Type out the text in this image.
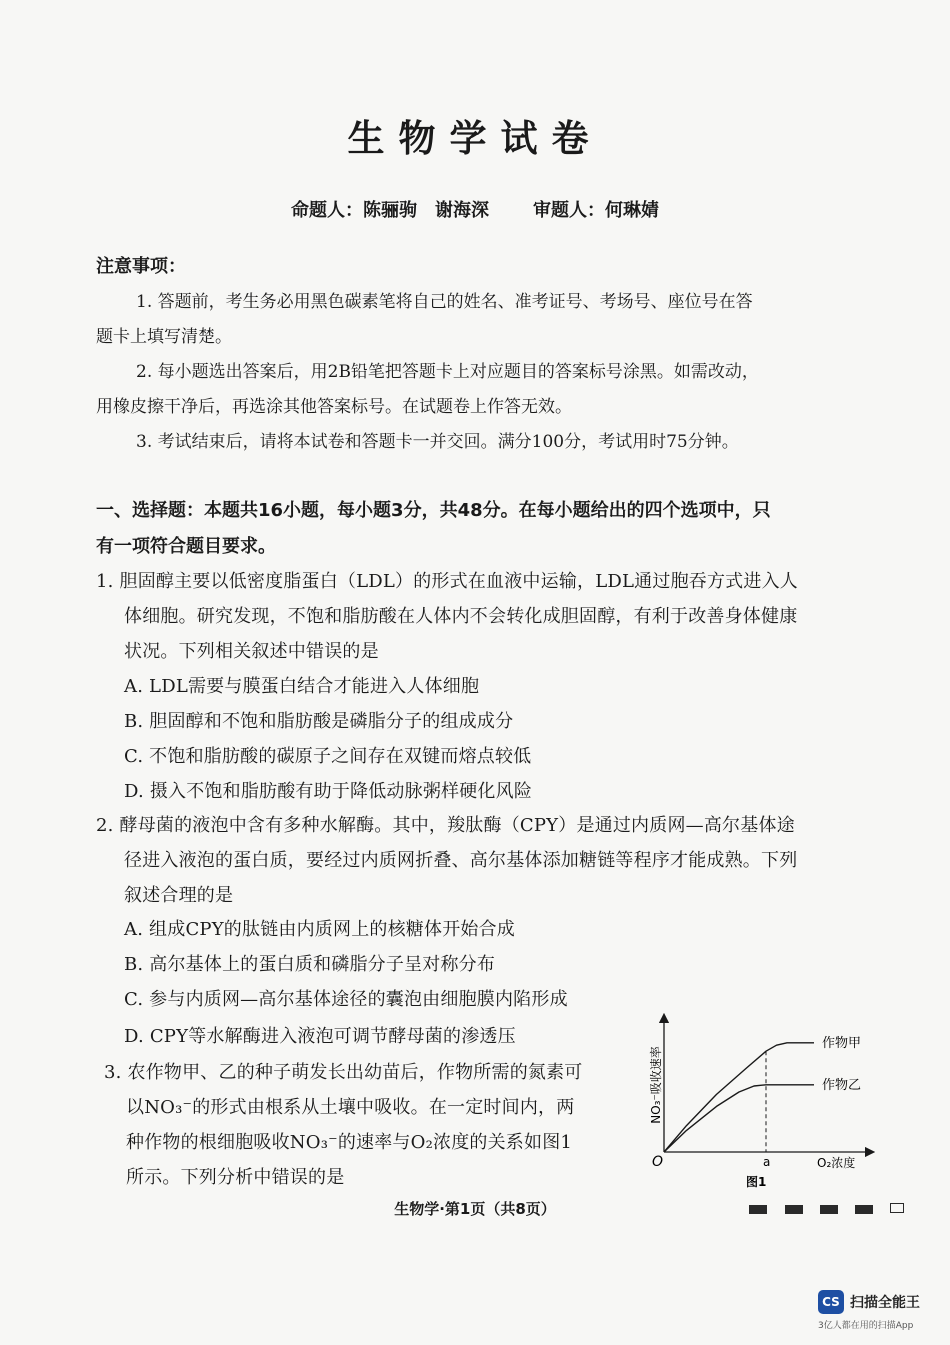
生物学试卷
命题人：陈骊驹　谢海深 审题人：何琳婧
注意事项：
1. 答题前，考生务必用黑色碳素笔将自己的姓名、准考证号、考场号、座位号在答
题卡上填写清楚。
2. 每小题选出答案后，用2B铅笔把答题卡上对应题目的答案标号涂黑。如需改动，
用橡皮擦干净后，再选涂其他答案标号。在试题卷上作答无效。
3. 考试结束后，请将本试卷和答题卡一并交回。满分100分，考试用时75分钟。
一、选择题：本题共16小题，每小题3分，共48分。在每小题给出的四个选项中，只
有一项符合题目要求。
1. 胆固醇主要以低密度脂蛋白（LDL）的形式在血液中运输，LDL通过胞吞方式进入人
体细胞。研究发现，不饱和脂肪酸在人体内不会转化成胆固醇，有利于改善身体健康
状况。下列相关叙述中错误的是
A. LDL需要与膜蛋白结合才能进入人体细胞
B. 胆固醇和不饱和脂肪酸是磷脂分子的组成成分
C. 不饱和脂肪酸的碳原子之间存在双键而熔点较低
D. 摄入不饱和脂肪酸有助于降低动脉粥样硬化风险
2. 酵母菌的液泡中含有多种水解酶。其中，羧肽酶（CPY）是通过内质网—高尔基体途
径进入液泡的蛋白质，要经过内质网折叠、高尔基体添加糖链等程序才能成熟。下列
叙述合理的是
A. 组成CPY的肽链由内质网上的核糖体开始合成
B. 高尔基体上的蛋白质和磷脂分子呈对称分布
C. 参与内质网—高尔基体途径的囊泡由细胞膜内陷形成
D. CPY等水解酶进入液泡可调节酵母菌的渗透压
3. 农作物甲、乙的种子萌发长出幼苗后，作物所需的氮素可
以NO₃⁻的形式由根系从土壤中吸收。在一定时间内，两
种作物的根细胞吸收NO₃⁻的速率与O₂浓度的关系如图1
所示。下列分析中错误的是
NO₃⁻吸收速率
O	O₂浓度
图1
作物甲
作物乙
a
生物学·第1页（共8页）
CS 扫描全能王
3亿人都在用的扫描App
